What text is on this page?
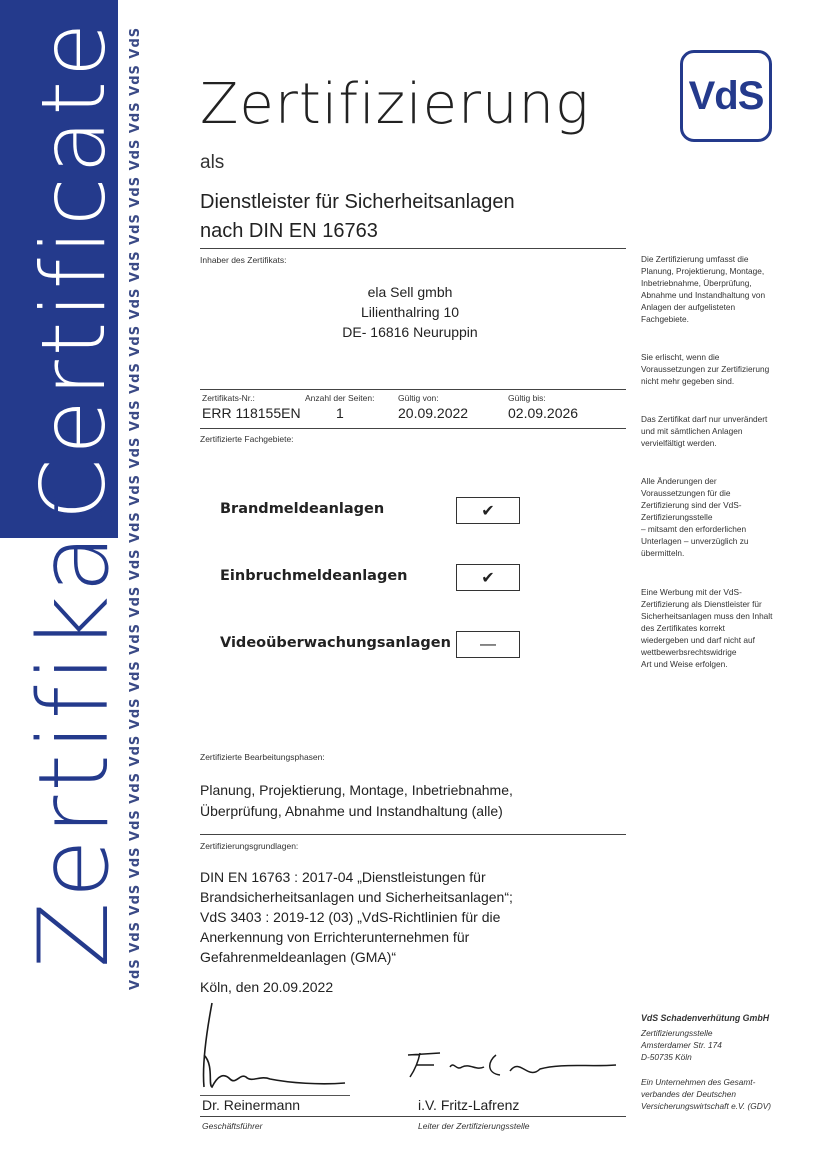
Certificate
Zertifikat
VdS VdS VdS VdS VdS VdS VdS VdS VdS VdS VdS VdS VdS VdS VdS VdS VdS VdS VdS VdS VdS VdS VdS VdS VdS VdS	VdS
Zertifizierung
als
Dienstleister für Sicherheitsanlagen
nach DIN EN 16763
Inhaber des Zertifikats:
ela Sell gmbh
Lilienthalring 10
DE- 16816 Neuruppin
Zertifikats-Nr.:	Anzahl der Seiten:	Gültig von:	Gültig bis:
ERR 118155EN	1	20.09.2022	02.09.2026
Zertifizierte Fachgebiete:
Brandmeldeanlagen	✔
Einbruchmeldeanlagen	✔
Videoüberwachungsanlagen	—
Zertifizierte Bearbeitungsphasen:
Planung, Projektierung, Montage, Inbetriebnahme,
Überprüfung, Abnahme und Instandhaltung (alle)
Zertifizierungsgrundlagen:
DIN EN 16763 : 2017-04 „Dienstleistungen für
Brandsicherheitsanlagen und Sicherheitsanlagen“;
VdS 3403 : 2019-12 (03) „VdS-Richtlinien für die
Anerkennung von Errichterunternehmen für
Gefahrenmeldeanlagen (GMA)“
Köln, den 20.09.2022
Dr. Reinermann	i.V. Fritz-Lafrenz
Geschäftsführer	Leiter der Zertifizierungsstelle
Die Zertifizierung umfasst die
Planung, Projektierung, Montage,
Inbetriebnahme, Überprüfung,
Abnahme und Instandhaltung von
Anlagen der aufgelisteten
Fachgebiete.
Sie erlischt, wenn die
Voraussetzungen zur Zertifizierung
nicht mehr gegeben sind.
Das Zertifikat darf nur unverändert
und mit sämtlichen Anlagen
vervielfältigt werden.
Alle Änderungen der
Voraussetzungen für die
Zertifizierung sind der VdS-
Zertifizierungsstelle
– mitsamt den erforderlichen
Unterlagen – unverzüglich zu
übermitteln.
Eine Werbung mit der VdS-
Zertifizierung als Dienstleister für
Sicherheitsanlagen muss den Inhalt
des Zertifikates korrekt
wiedergeben und darf nicht auf
wettbewerbsrechtswidrige
Art und Weise erfolgen.
VdS Schadenverhütung GmbH
Zertifizierungsstelle
Amsterdamer Str. 174
D-50735 Köln
Ein Unternehmen des Gesamt-
verbandes der Deutschen
Versicherungswirtschaft e.V. (GDV)
